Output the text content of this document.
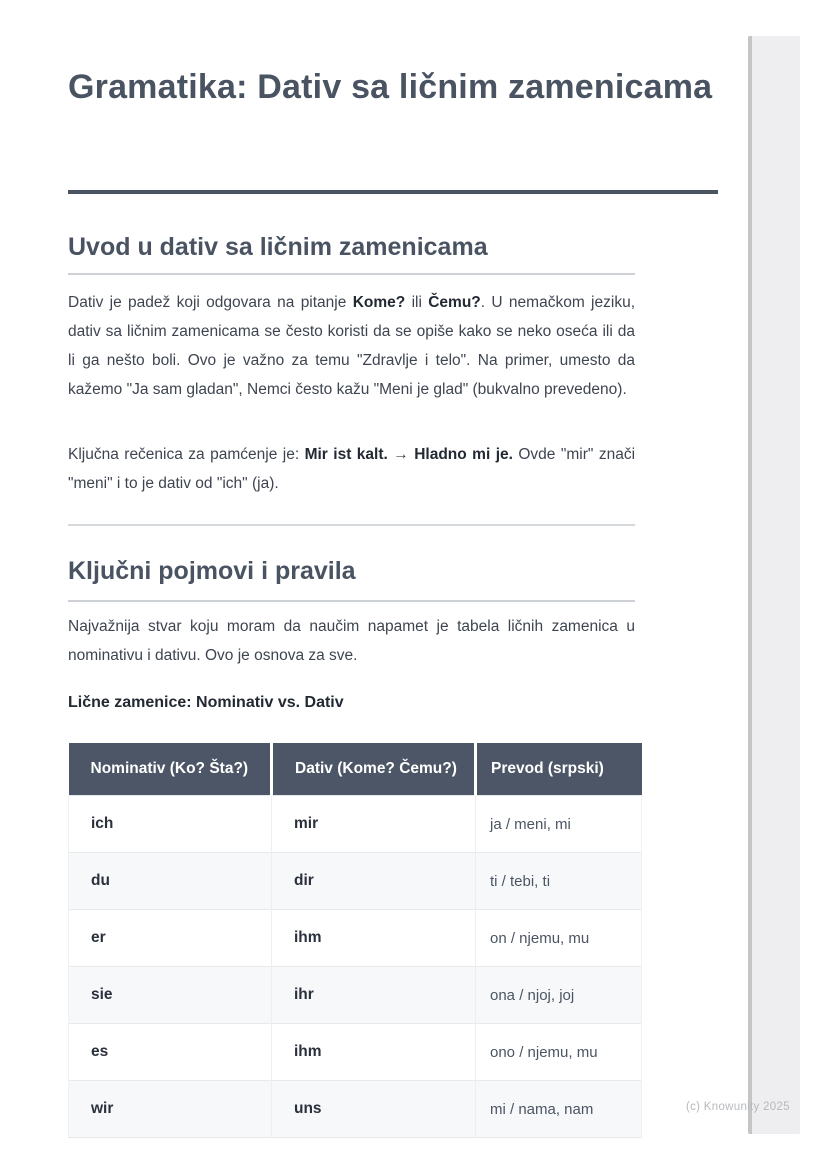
Gramatika: Dativ sa ličnim zamenicama
Uvod u dativ sa ličnim zamenicama

Dativ je padež koji odgovara na pitanje Kome? ili Čemu?. U nemačkom jeziku, dativ sa ličnim zamenicama se često koristi da se opiše kako se neko oseća ili da li ga nešto boli. Ovo je važno za temu "Zdravlje i telo". Na primer, umesto da kažemo "Ja sam gladan", Nemci često kažu "Meni je glad" (bukvalno prevedeno).

Ključna rečenica za pamćenje je: Mir ist kalt. → Hladno mi je. Ovde "mir" znači "meni" i to je dativ od "ich" (ja).

Ključni pojmovi i pravila

Najvažnija stvar koju moram da naučim napamet je tabela ličnih zamenica u nominativu i dativu. Ovo je osnova za sve.

Lične zamenice: Nominativ vs. Dativ

Nominativ (Ko? Šta?)	Dativ (Kome? Čemu?)	Prevod (srpski)
ich	mir	ja / meni, mi
du	dir	ti / tebi, ti
er	ihm	on / njemu, mu
sie	ihr	ona / njoj, joj
es	ihm	ono / njemu, mu
wir	uns	mi / nama, nam	(c) Knowunity 2025
